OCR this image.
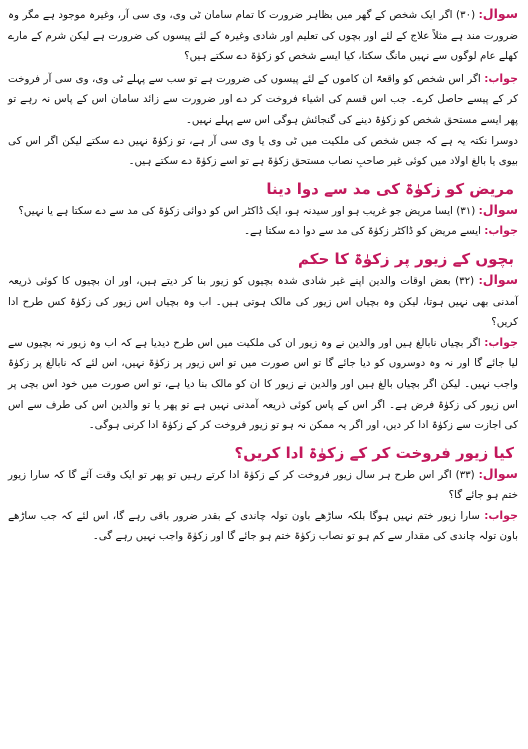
سوال: (۳۰) اگر ایک شخص کے گھر میں بظاہر ضرورت کا تمام سامان ٹی وی، وی سی آر، وغیرہ موجود ہے مگر وہ ضرورت مند ہے مثلاً علاج کے لئے اور بچوں کی تعلیم اور شادی وغیرہ کے لئے پیسوں کی ضرورت ہے لیکن شرم کے مارے کھلے عام لوگوں سے نہیں مانگ سکتا، کیا ایسے شخص کو زکوٰۃ دے سکتے ہیں؟

جواب: اگر اس شخص کو واقعۃً ان کاموں کے لئے پیسوں کی ضرورت ہے تو سب سے پہلے ٹی وی، وی سی آر فروخت کر کے پیسے حاصل کرے۔ جب اس قسم کی اشیاء فروخت کر دے اور ضرورت سے زائد سامان اس کے پاس نہ رہے تو پھر ایسے مستحق شخص کو زکوٰۃ دینے کی گنجائش ہوگی اس سے پہلے نہیں۔

دوسرا نکتہ یہ ہے کہ جس شخص کی ملکیت میں ٹی وی یا وی سی آر ہے، تو زکوٰۃ نہیں دے سکتے لیکن اگر اس کی بیوی یا بالغ اولاد میں کوئی غیر صاحبِ نصاب مستحق زکوٰۃ ہے تو اسے زکوٰۃ دے سکتے ہیں۔

مریض کو زکوٰۃ کی مد سے دوا دینا

سوال: (۳۱) ایسا مریض جو غریب ہو اور سیدنہ ہو، ایک ڈاکٹر اس کو دوائی زکوٰۃ کی مد سے دے سکتا ہے یا نہیں؟

جواب: ایسے مریض کو ڈاکٹر زکوٰۃ کی مد سے دوا دے سکتا ہے۔

بچوں کے زیور پر زکوٰۃ کا حکم

سوال: (۳۲) بعض اوقات والدین اپنے غیر شادی شدہ بچیوں کو زیور بنا کر دیتے ہیں، اور ان بچیوں کا کوئی ذریعہ آمدنی بھی نہیں ہوتا، لیکن وہ بچیاں اس زیور کی مالک ہوتی ہیں۔ اب وہ بچیاں اس زیور کی زکوٰۃ کس طرح ادا کریں؟

جواب: اگر بچیاں نابالغ ہیں اور والدین نے وہ زیور ان کی ملکیت میں اس طرح دیدیا ہے کہ اب وہ زیور نہ بچیوں سے لیا جائے گا اور نہ وہ دوسروں کو دیا جائے گا تو اس صورت میں تو اس زیور پر زکوٰۃ نہیں، اس لئے کہ نابالغ پر زکوٰۃ واجب نہیں۔ لیکن اگر بچیاں بالغ ہیں اور والدین نے زیور کا ان کو مالک بنا دیا ہے، تو اس صورت میں خود اس بچی پر اس زیور کی زکوٰۃ فرض ہے۔ اگر اس کے پاس کوئی ذریعہ آمدنی نہیں ہے تو پھر یا تو والدین اس کی طرف سے اس کی اجازت سے زکوٰۃ ادا کر دیں، اور اگر یہ ممکن نہ ہو تو زیور فروخت کر کے زکوٰۃ ادا کرنی ہوگی۔

کیا زیور فروخت کر کے زکوٰۃ ادا کریں؟

سوال: (۳۳) اگر اس طرح ہر سال زیور فروخت کر کے زکوٰۃ ادا کرتے رہیں تو پھر تو ایک وقت آئے گا کہ سارا زیور ختم ہو جائے گا؟

جواب: سارا زیور ختم نہیں ہوگا بلکہ ساڑھے باون تولہ چاندی کے بقدر ضرور باقی رہے گا، اس لئے کہ جب ساڑھے باون تولہ چاندی کی مقدار سے کم ہو تو نصاب زکوٰۃ ختم ہو جائے گا اور زکوٰۃ واجب نہیں رہے گی۔
